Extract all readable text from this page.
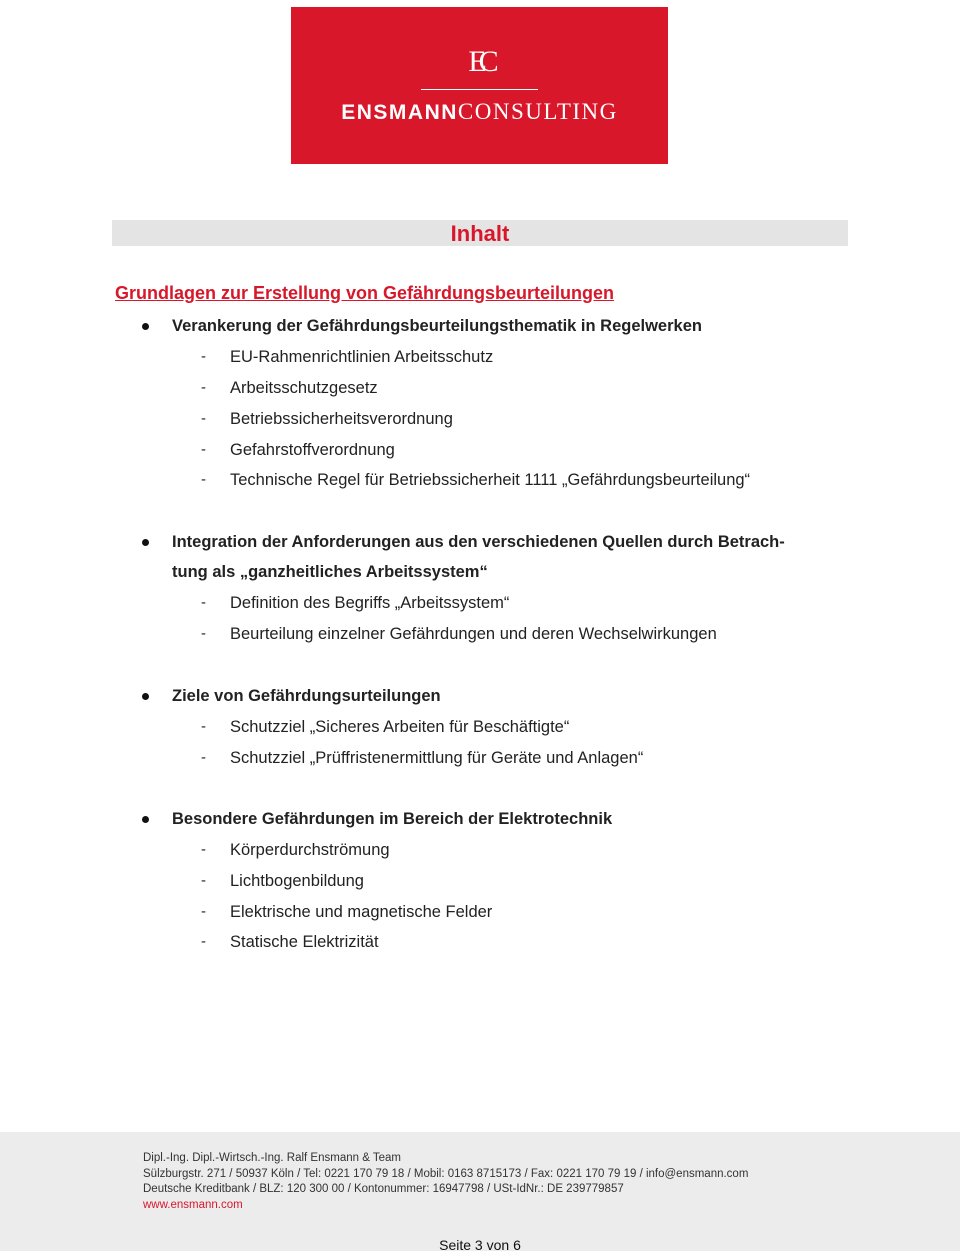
EC
ENSMANNCONSULTING
Inhalt
Grundlagen zur Erstellung von Gefährdungsbeurteilungen
Verankerung der Gefährdungsbeurteilungsthematik in Regelwerken
- EU-Rahmenrichtlinien Arbeitsschutz
- Arbeitsschutzgesetz
- Betriebssicherheitsverordnung
- Gefahrstoffverordnung
- Technische Regel für Betriebssicherheit 1111 „Gefährdungsbeurteilung“
Integration der Anforderungen aus den verschiedenen Quellen durch Betrach-
tung als „ganzheitliches Arbeitssystem“
- Definition des Begriffs „Arbeitssystem“
- Beurteilung einzelner Gefährdungen und deren Wechselwirkungen
Ziele von Gefährdungsurteilungen
- Schutzziel „Sicheres Arbeiten für Beschäftigte“
- Schutzziel „Prüffristenermittlung für Geräte und Anlagen“
Besondere Gefährdungen im Bereich der Elektrotechnik
- Körperdurchströmung
- Lichtbogenbildung
- Elektrische und magnetische Felder
- Statische Elektrizität
Dipl.-Ing. Dipl.-Wirtsch.-Ing. Ralf Ensmann & Team
Sülzburgstr. 271 / 50937 Köln / Tel: 0221 170 79 18 / Mobil: 0163 8715173 / Fax: 0221 170 79 19 / info@ensmann.com
Deutsche Kreditbank / BLZ: 120 300 00 / Kontonummer: 16947798 / USt-IdNr.: DE 239779857
www.ensmann.com
Seite 3 von 6
